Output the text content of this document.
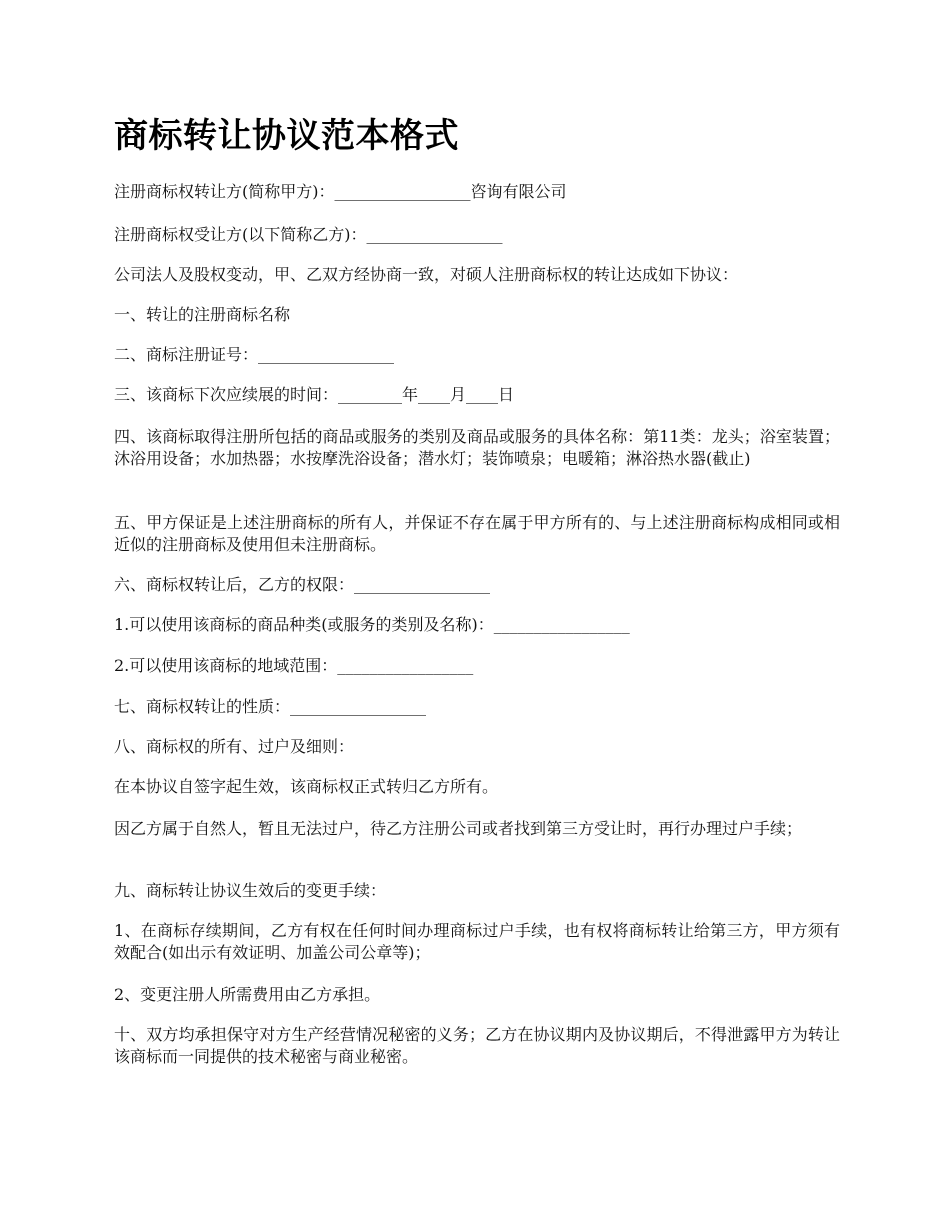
商标转让协议范本格式

注册商标权转让方(简称甲方)：_________________咨询有限公司

注册商标权受让方(以下简称乙方)：_________________

公司法人及股权变动，甲、乙双方经协商一致，对硕人注册商标权的转让达成如下协议：

一、转让的注册商标名称

二、商标注册证号：_________________

三、该商标下次应续展的时间：________年____月____日

四、该商标取得注册所包括的商品或服务的类别及商品或服务的具体名称：第11类：龙头；浴室装置；沐浴用设备；水加热器；水按摩洗浴设备；潜水灯；装饰喷泉；电暖箱；淋浴热水器(截止)

五、甲方保证是上述注册商标的所有人，并保证不存在属于甲方所有的、与上述注册商标构成相同或相近似的注册商标及使用但未注册商标。

六、商标权转让后，乙方的权限：_________________

1.可以使用该商标的商品种类(或服务的类别及名称)：_________________

2.可以使用该商标的地域范围：_________________

七、商标权转让的性质：_________________

八、商标权的所有、过户及细则：

在本协议自签字起生效，该商标权正式转归乙方所有。

因乙方属于自然人，暂且无法过户，待乙方注册公司或者找到第三方受让时，再行办理过户手续；

九、商标转让协议生效后的变更手续：

1、在商标存续期间，乙方有权在任何时间办理商标过户手续，也有权将商标转让给第三方，甲方须有效配合(如出示有效证明、加盖公司公章等)；

2、变更注册人所需费用由乙方承担。

十、双方均承担保守对方生产经营情况秘密的义务；乙方在协议期内及协议期后，不得泄露甲方为转让该商标而一同提供的技术秘密与商业秘密。
